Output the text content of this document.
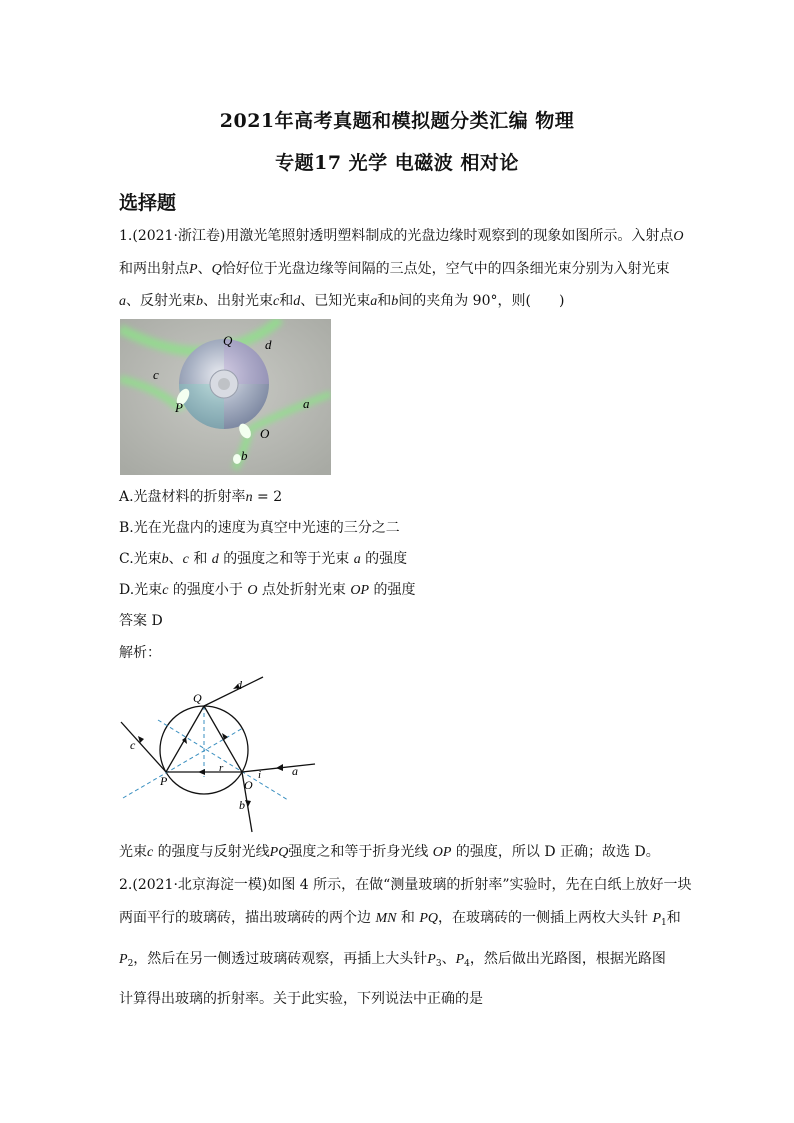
2021年高考真题和模拟题分类汇编 物理
专题17 光学 电磁波 相对论
选择题
1.(2021·浙江卷)用激光笔照射透明塑料制成的光盘边缘时观察到的现象如图所示。入射点O
和两出射点P、Q恰好位于光盘边缘等间隔的三点处，空气中的四条细光束分别为入射光束
a、反射光束b、出射光束c和d、已知光束a和b间的夹角为 90°，则(　　)
Q	d
c
a
P
O
b
A.光盘材料的折射率n = 2
B.光在光盘内的速度为真空中光速的三分之二
C.光束b、c 和 d 的强度之和等于光束 a 的强度
D.光束c 的强度小于 O 点处折射光束 OP 的强度
答案 D
解析：
Q
d
c
P	O
a
b
r
i
光束c 的强度与反射光线PQ强度之和等于折身光线 OP 的强度，所以 D 正确；故选 D。
2.(2021·北京海淀一模)如图 4 所示，在做“测量玻璃的折射率”实验时，先在白纸上放好一块
两面平行的玻璃砖，描出玻璃砖的两个边 MN 和 PQ，在玻璃砖的一侧插上两枚大头针 $P_1$和
$P_2$，然后在另一侧透过玻璃砖观察，再插上大头针$P_3$、$P_4$，然后做出光路图，根据光路图
计算得出玻璃的折射率。关于此实验，下列说法中正确的是
